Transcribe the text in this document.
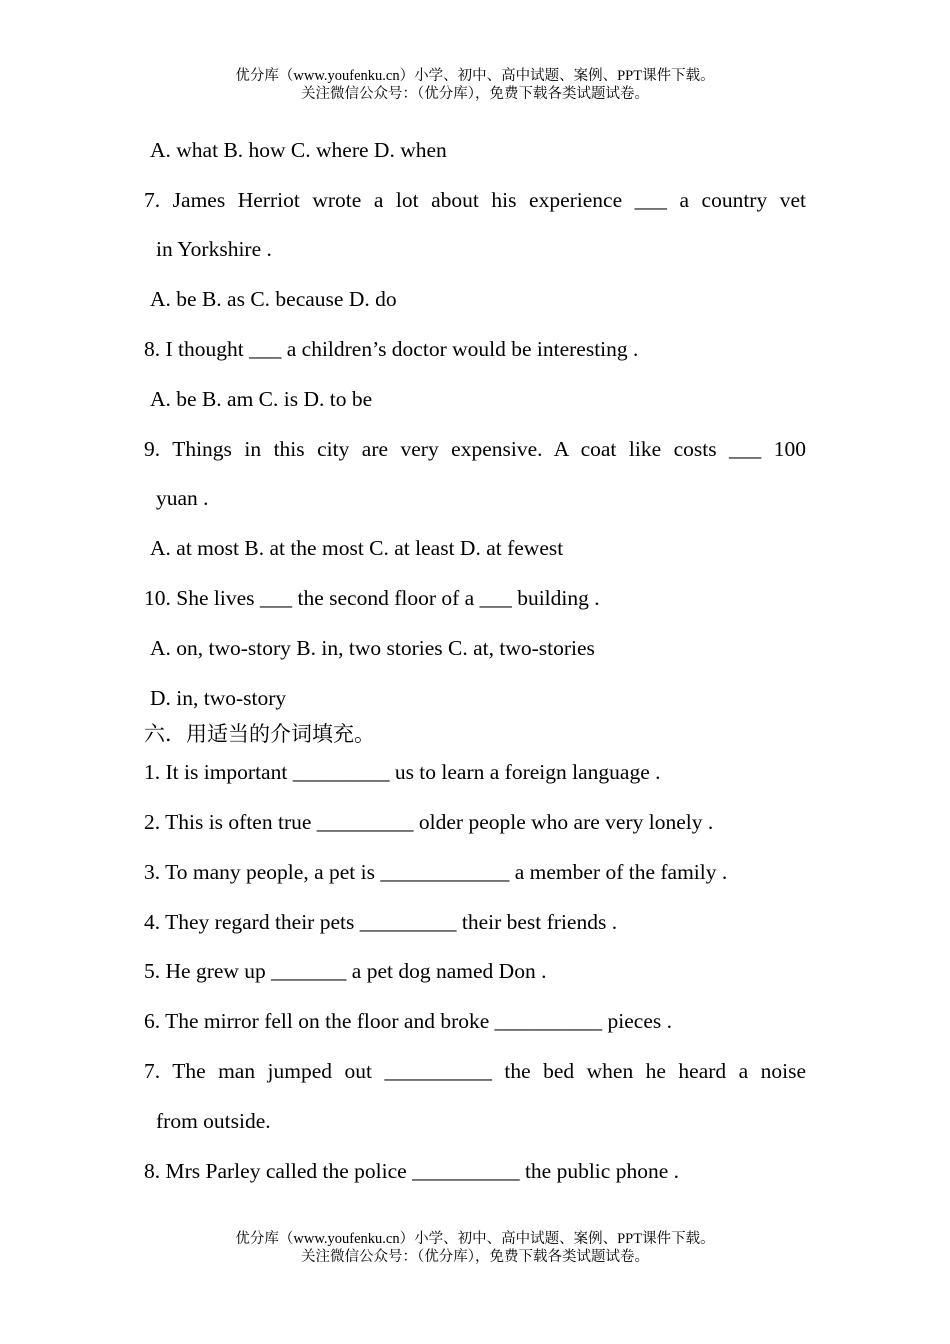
优分库（www.youfenku.cn）小学、初中、高中试题、案例、PPT课件下载。
关注微信公众号：（优分库），免费下载各类试题试卷。
A. what B. how C. where D. when
7. James Herriot wrote a lot about his experience ___ a country vet
in Yorkshire .
A. be B. as C. because D. do
8. I thought ___ a children’s doctor would be interesting .
A. be B. am C. is D. to be
9. Things in this city are very expensive. A coat like costs ___ 100
yuan .
A. at most B. at the most C. at least D. at fewest
10. She lives ___ the second floor of a ___ building .
A. on, two-story B. in, two stories C. at, two-stories
D. in, two-story
六．用适当的介词填充。
1. It is important _________ us to learn a foreign language .
2. This is often true _________ older people who are very lonely .
3. To many people, a pet is ____________ a member of the family .
4. They regard their pets _________ their best friends .
5. He grew up _______ a pet dog named Don .
6. The mirror fell on the floor and broke __________ pieces .
7. The man jumped out __________ the bed when he heard a noise
from outside.
8. Mrs Parley called the police __________ the public phone .
优分库（www.youfenku.cn）小学、初中、高中试题、案例、PPT课件下载。
关注微信公众号：（优分库），免费下载各类试题试卷。
